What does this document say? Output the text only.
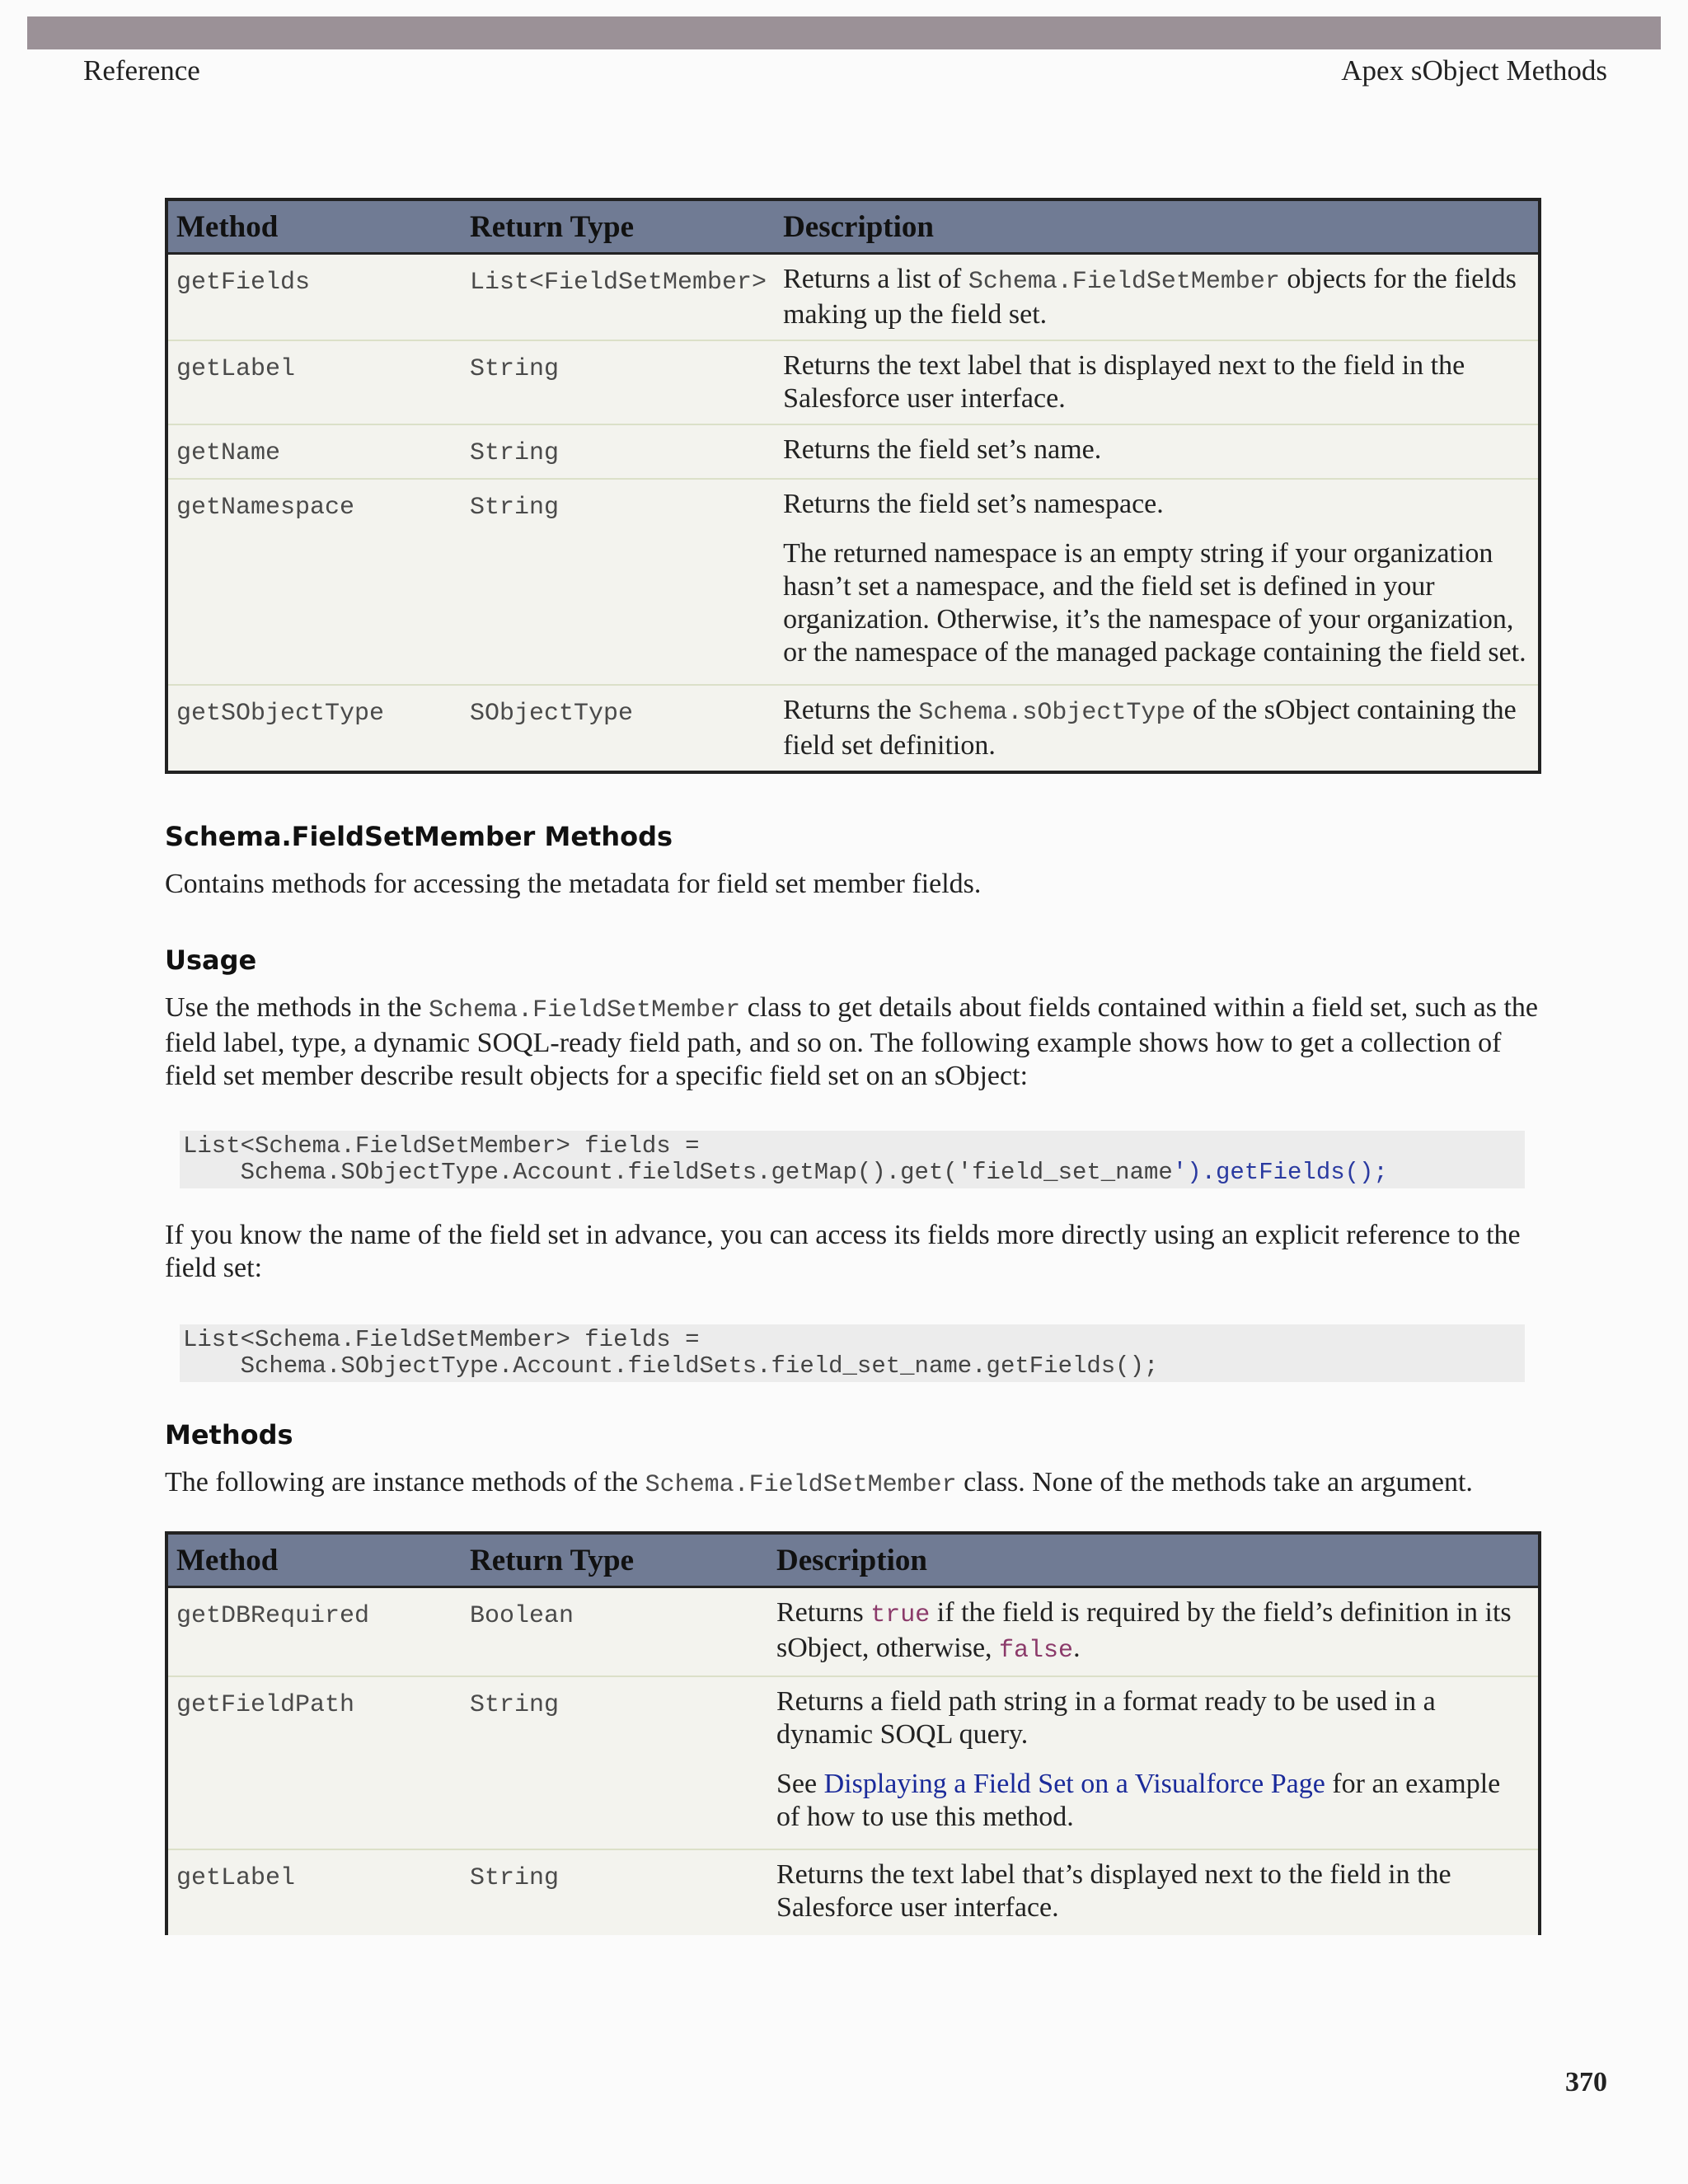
Reference	Apex sObject Methods
Method	Return Type	Description
getFields	List<FieldSetMember>	Returns a list of Schema.FieldSetMember objects for the fields making up the field set.
getLabel	String	Returns the text label that is displayed next to the field in the Salesforce user interface.
getName	String	Returns the field set’s name.
getNamespace	String	Returns the field set’s namespace.

The returned namespace is an empty string if your organization hasn’t set a namespace, and the field set is defined in your organization. Otherwise, it’s the namespace of your organization, or the namespace of the managed package containing the field set.

getSObjectType	SObjectType	Returns the Schema.sObjectType of the sObject containing the field set definition.
Schema.FieldSetMember Methods
Contains methods for accessing the metadata for field set member fields.
Usage
Use the methods in the Schema.FieldSetMember class to get details about fields contained within a field set, such as the field label, type, a dynamic SOQL-ready field path, and so on. The following example shows how to get a collection of field set member describe result objects for a specific field set on an sObject:
List<Schema.FieldSetMember> fields =
Schema.SObjectType.Account.fieldSets.getMap().get('field_set_name').getFields();
If you know the name of the field set in advance, you can access its fields more directly using an explicit reference to the field set:
List<Schema.FieldSetMember> fields =
Schema.SObjectType.Account.fieldSets.field_set_name.getFields();
Methods
The following are instance methods of the Schema.FieldSetMember class. None of the methods take an argument.
Method	Return Type	Description
getDBRequired	Boolean	Returns true if the field is required by the field’s definition in its sObject, otherwise, false.
getFieldPath	String	Returns a field path string in a format ready to be used in a dynamic SOQL query.

See Displaying a Field Set on a Visualforce Page for an example of how to use this method.

getLabel	String	Returns the text label that’s displayed next to the field in the Salesforce user interface.
370
